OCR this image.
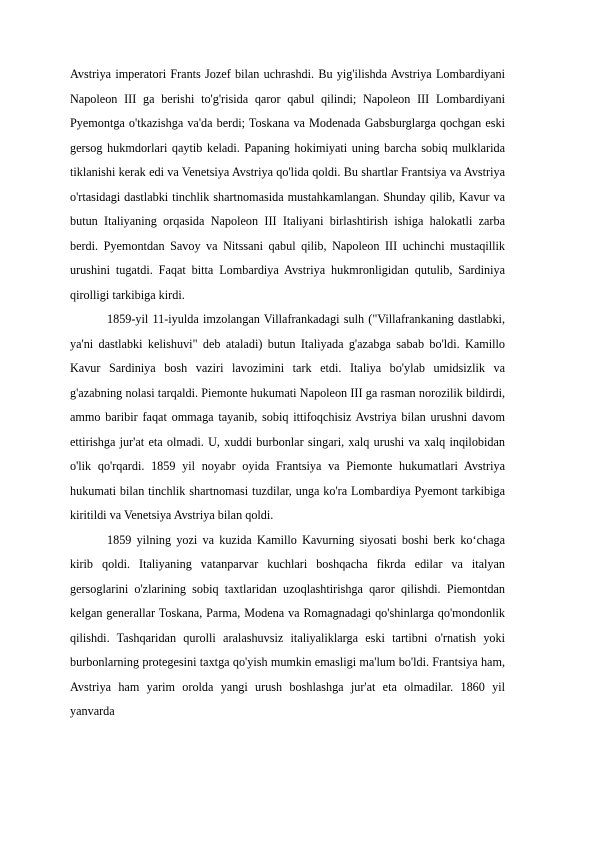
Avstriya imperatori Frants Jozef bilan uchrashdi. Bu yig'ilishda Avstriya Lombardiyani Napoleon III ga berishi to'g'risida qaror qabul qilindi; Napoleon III Lombardiyani Pyemontga o'tkazishga va'da berdi; Toskana va Modenada Gabsburglarga qochgan eski gersog hukmdorlari qaytib keladi. Papaning hokimiyati uning barcha sobiq mulklarida tiklanishi kerak edi va Venetsiya Avstriya qo'lida qoldi. Bu shartlar Frantsiya va Avstriya o'rtasidagi dastlabki tinchlik shartnomasida mustahkamlangan. Shunday qilib, Kavur va butun Italiyaning orqasida Napoleon III Italiyani birlashtirish ishiga halokatli zarba berdi. Pyemontdan Savoy va Nitssani qabul qilib, Napoleon III uchinchi mustaqillik urushini tugatdi. Faqat bitta Lombardiya Avstriya hukmronligidan qutulib, Sardiniya qirolligi tarkibiga kirdi.

1859-yil 11-iyulda imzolangan Villafrankadagi sulh ("Villafrankaning dastlabki, ya'ni dastlabki kelishuvi" deb ataladi) butun Italiyada g'azabga sabab bo'ldi. Kamillo Kavur Sardiniya bosh vaziri lavozimini tark etdi. Italiya bo'ylab umidsizlik va g'azabning nolasi tarqaldi. Piemonte hukumati Napoleon III ga rasman norozilik bildirdi, ammo baribir faqat ommaga tayanib, sobiq ittifoqchisiz Avstriya bilan urushni davom ettirishga jur'at eta olmadi. U, xuddi burbonlar singari, xalq urushi va xalq inqilobidan o'lik qo'rqardi. 1859 yil noyabr oyida Frantsiya va Piemonte hukumatlari Avstriya hukumati bilan tinchlik shartnomasi tuzdilar, unga ko'ra Lombardiya Pyemont tarkibiga kiritildi va Venetsiya Avstriya bilan qoldi.

1859 yilning yozi va kuzida Kamillo Kavurning siyosati boshi berk ko‘chaga kirib qoldi. Italiyaning vatanparvar kuchlari boshqacha fikrda edilar va italyan gersoglarini o'zlarining sobiq taxtlaridan uzoqlashtirishga qaror qilishdi. Piemontdan kelgan generallar Toskana, Parma, Modena va Romagnadagi qo'shinlarga qo'mondonlik qilishdi. Tashqaridan qurolli aralashuvsiz italiyaliklarga eski tartibni o'rnatish yoki burbonlarning protegesini taxtga qo'yish mumkin emasligi ma'lum bo'ldi. Frantsiya ham, Avstriya ham yarim orolda yangi urush boshlashga jur'at eta olmadilar. 1860 yil yanvarda
